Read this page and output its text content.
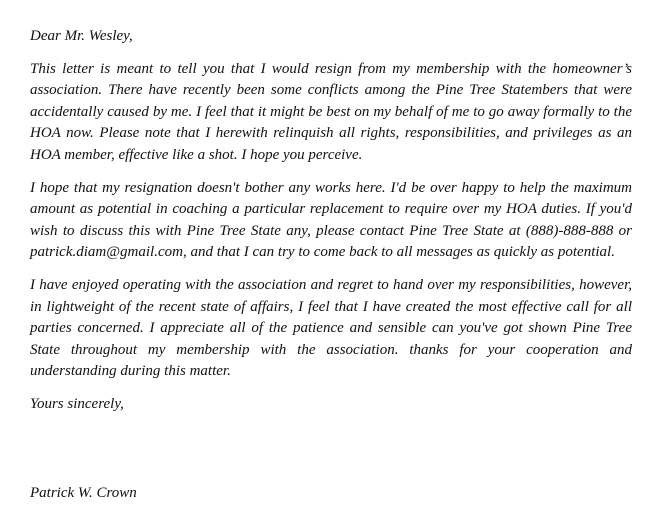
Dear Mr. Wesley,

This letter is meant to tell you that I would resign from my membership with the homeowner’s association. There have recently been some conflicts among the Pine Tree Statembers that were accidentally caused by me. I feel that it might be best on my behalf of me to go away formally to the HOA now. Please note that I herewith relinquish all rights, responsibilities, and privileges as an HOA member, effective like a shot. I hope you perceive.

I hope that my resignation doesn't bother any works here. I'd be over happy to help the maximum amount as potential in coaching a particular replacement to require over my HOA duties. If you'd wish to discuss this with Pine Tree State any, please contact Pine Tree State at (888)-888-888 or patrick.diam@gmail.com, and that I can try to come back to all messages as quickly as potential.

I have enjoyed operating with the association and regret to hand over my responsibilities, however, in lightweight of the recent state of affairs, I feel that I have created the most effective call for all parties concerned. I appreciate all of the patience and sensible can you've got shown Pine Tree State throughout my membership with the association. thanks for your cooperation and understanding during this matter.

Yours sincerely,

Patrick W. Crown
